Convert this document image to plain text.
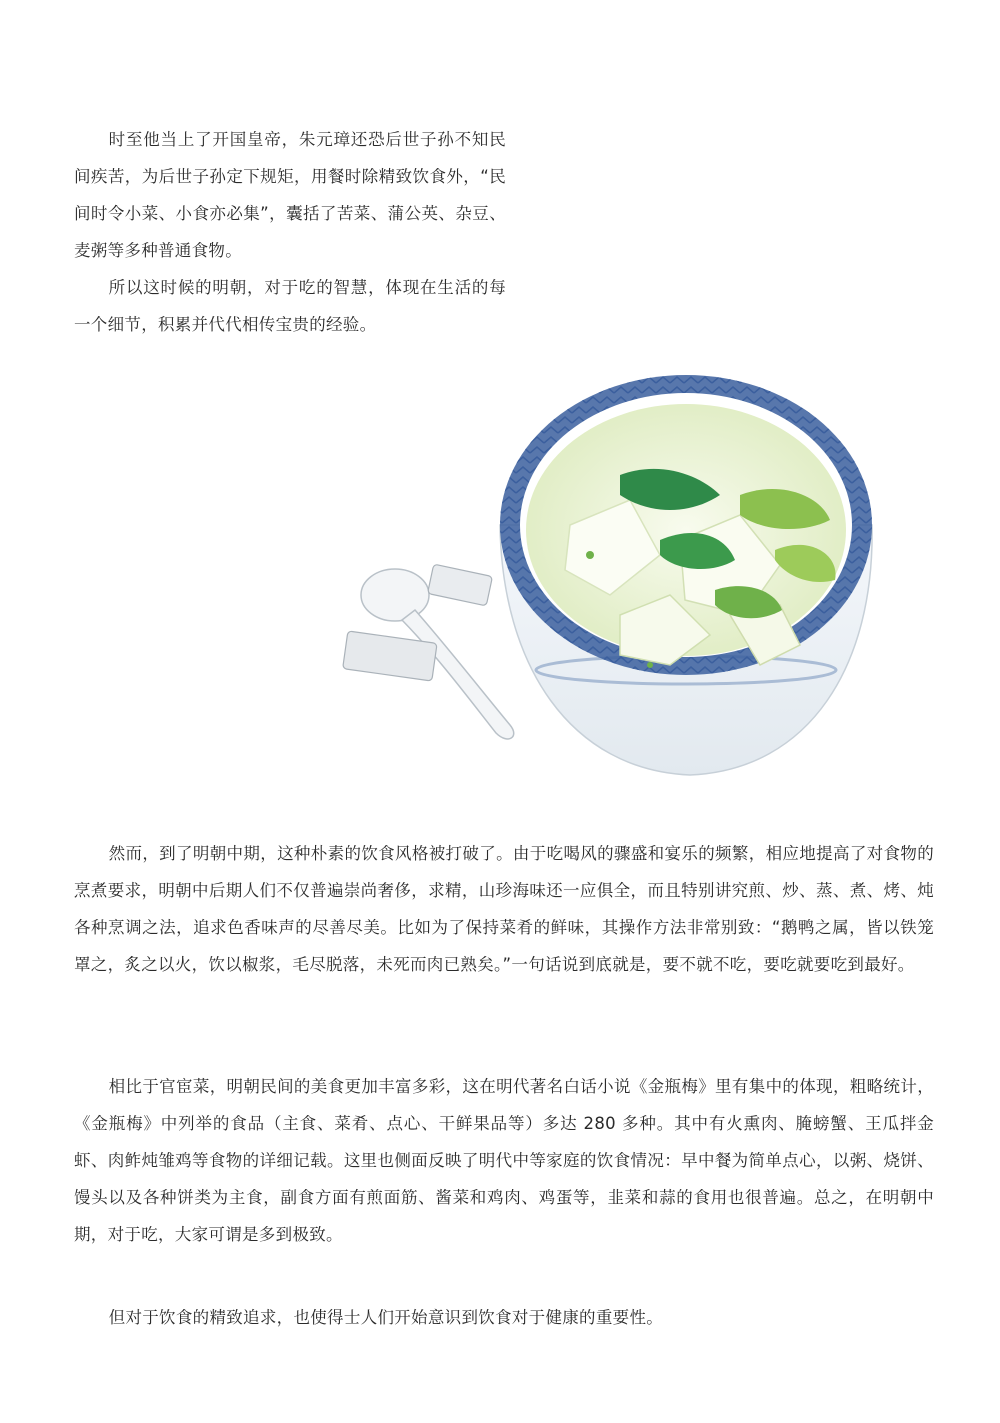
时至他当上了开国皇帝，朱元璋还恐后世子孙不知民间疾苦，为后世子孙定下规矩，用餐时除精致饮食外，“民间时令小菜、小食亦必集”，囊括了苦菜、蒲公英、杂豆、麦粥等多种普通食物。

所以这时候的明朝，对于吃的智慧，体现在生活的每一个细节，积累并代代相传宝贵的经验。

然而，到了明朝中期，这种朴素的饮食风格被打破了。由于吃喝风的骤盛和宴乐的频繁，相应地提高了对食物的烹煮要求，明朝中后期人们不仅普遍崇尚奢侈，求精，山珍海味还一应俱全，而且特别讲究煎、炒、蒸、煮、烤、炖各种烹调之法，追求色香味声的尽善尽美。比如为了保持菜肴的鲜味，其操作方法非常别致：“鹅鸭之属，皆以铁笼罩之，炙之以火，饮以椒浆，毛尽脱落，未死而肉已熟矣。”一句话说到底就是，要不就不吃，要吃就要吃到最好。

相比于官宦菜，明朝民间的美食更加丰富多彩，这在明代著名白话小说《金瓶梅》里有集中的体现，粗略统计，《金瓶梅》中列举的食品（主食、菜肴、点心、干鲜果品等）多达 280 多种。其中有火熏肉、腌螃蟹、王瓜拌金虾、肉鲊炖雏鸡等食物的详细记载。这里也侧面反映了明代中等家庭的饮食情况：早中餐为简单点心，以粥、烧饼、馒头以及各种饼类为主食，副食方面有煎面筋、酱菜和鸡肉、鸡蛋等，韭菜和蒜的食用也很普遍。总之，在明朝中期，对于吃，大家可谓是多到极致。

但对于饮食的精致追求，也使得士人们开始意识到饮食对于健康的重要性。
